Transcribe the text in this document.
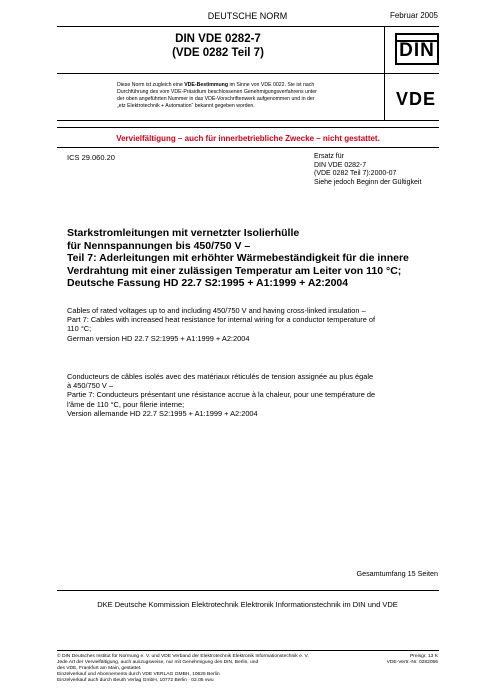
DEUTSCHE NORM	Februar 2005
DIN VDE 0282-7
(VDE 0282 Teil 7)	DIN
Diese Norm ist zugleich eine VDE-Bestimmung im Sinne von VDE 0022. Sie ist nach
Durchführung des vom VDE-Präsidium beschlossenen Genehmigungsverfahrens unter
der oben angeführten Nummer in das VDE-Vorschriftenwerk aufgenommen und in der
„etz Elektrotechnik + Automation“ bekannt gegeben worden.	VDE
Vervielfältigung – auch für innerbetriebliche Zwecke – nicht gestattet.
ICS 29.060.20	Ersatz für
DIN VDE 0282-7
(VDE 0282 Teil 7):2000-07
Siehe jedoch Beginn der Gültigkeit
Starkstromleitungen mit vernetzter Isolierhülle
für Nennspannungen bis 450/750 V –
Teil 7: Aderleitungen mit erhöhter Wärmebeständigkeit für die innere
Verdrahtung mit einer zulässigen Temperatur am Leiter von 110 °C;
Deutsche Fassung HD 22.7 S2:1995 + A1:1999 + A2:2004
Cables of rated voltages up to and including 450/750 V and having cross-linked insulation –
Part 7: Cables with increased heat resistance for internal wiring for a conductor temperature of
110 °C;
German version HD 22.7 S2:1995 + A1:1999 + A2:2004
Conducteurs de câbles isolés avec des matériaux réticulés de tension assignée au plus égale
à 450/750 V –
Partie 7: Conducteurs présentant une résistance accrue à la chaleur, pour une température de
l'âme de 110 °C, pour filerie interne;
Version allemande HD 22.7 S2:1995 + A1:1999 + A2:2004
Gesamtumfang 15 Seiten
DKE Deutsche Kommission Elektrotechnik Elektronik Informationstechnik im DIN und VDE
© DIN Deutsches Institut für Normung e. V. und VDE Verband der Elektrotechnik Elektronik Informationstechnik e. V.
Jede Art der Vervielfältigung, auch auszugsweise, nur mit Genehmigung des DIN, Berlin, und
des VDE, Frankfurt am Main, gestattet.
Einzelverkauf und Abonnements durch VDE VERLAG GMBH, 10625 Berlin
Einzelverkauf auch durch Beuth Verlag GmbH, 10772 Berlin · 02.05 vwu
Preisgr. 13 K
VDE-Vertr.-Nr. 0282056
